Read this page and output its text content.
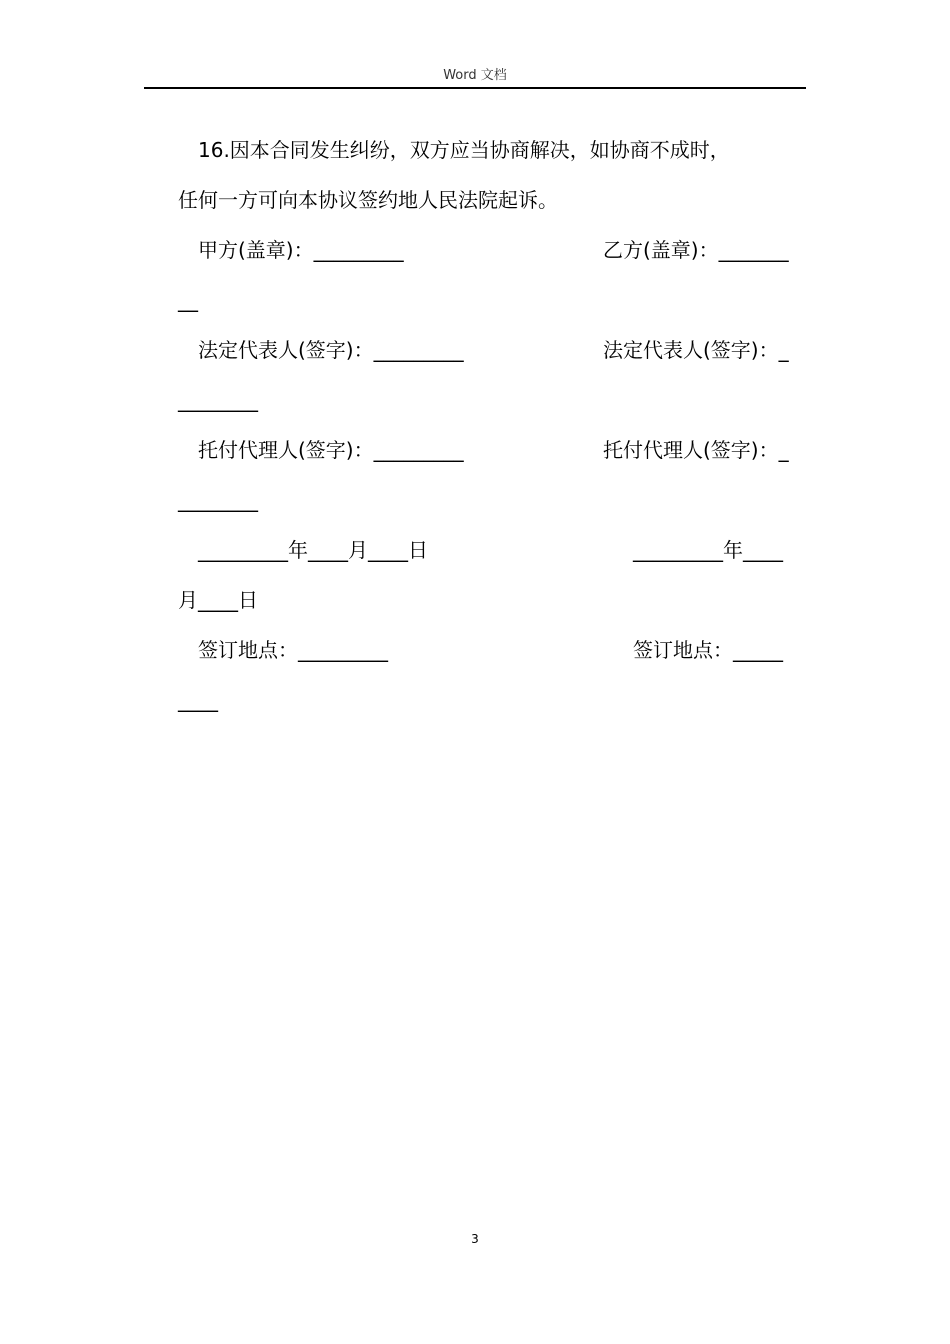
Word 文档
16.因本合同发生纠纷，双方应当协商解决，如协商不成时，
任何一方可向本协议签约地人民法院起诉。
甲方(盖章)：_________	乙方(盖章)：_______
__
法定代表人(签字)：_________	法定代表人(签字)：_
________
托付代理人(签字)：_________	托付代理人(签字)：_
________
_________年____月____日	_________年____
月____日
签订地点：_________	签订地点：_____
____
3
